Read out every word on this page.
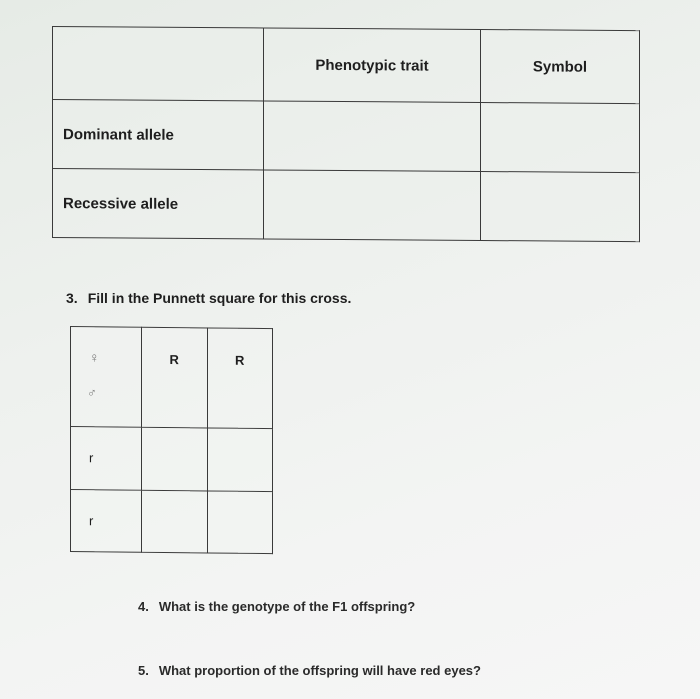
	Phenotypic trait	Symbol
Dominant allele		
Recessive allele		
3. Fill in the Punnett square for this cross.
♀
♂	R	R
r		
r		
4. What is the genotype of the F1 offspring?
5. What proportion of the offspring will have red eyes?
